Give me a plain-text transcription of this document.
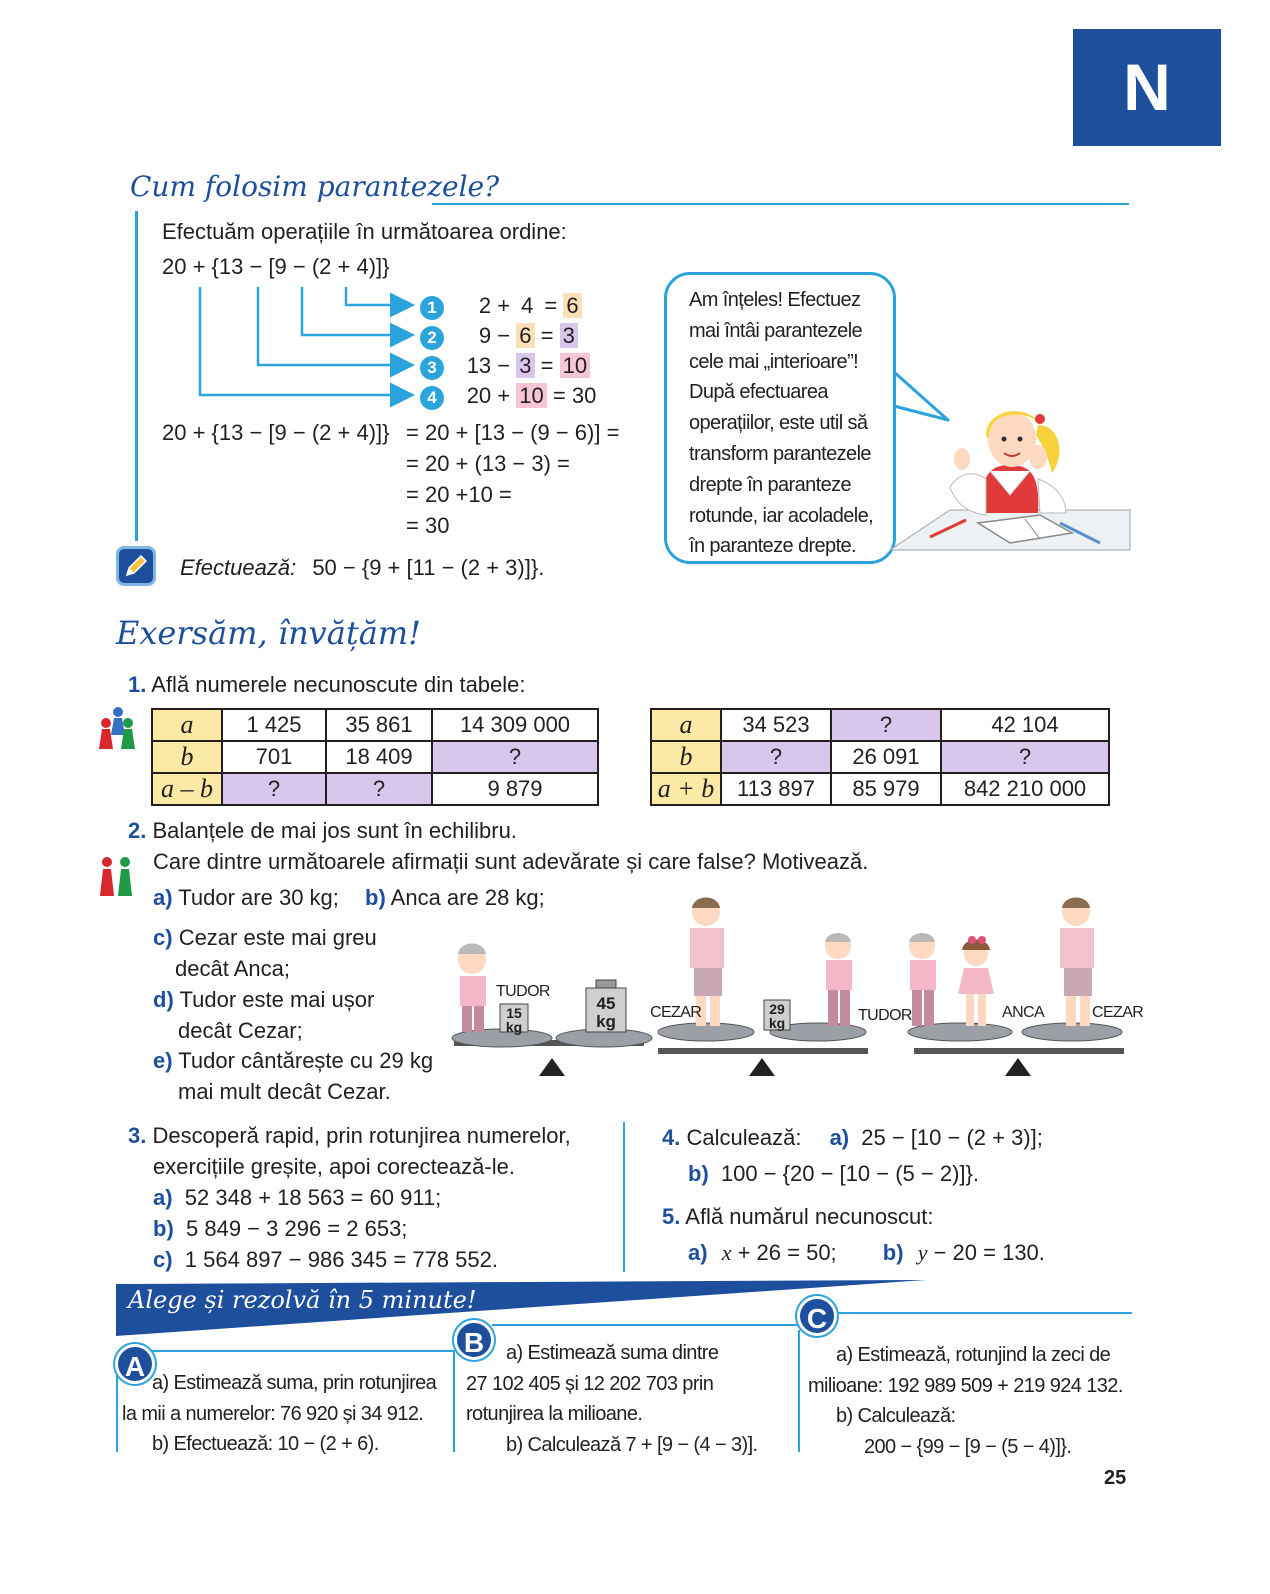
N
Cum folosim parantezele?
Efectuăm operațiile în următoarea ordine:
20 + {13 − [9 − (2 + 4)]}
1 2 + 4 = 6
2 9 − 6 = 3
3 13 − 3 = 10
4 20 + 10 = 30
20 + {13 − [9 − (2 + 4)]} = 20 + [13 − (9 − 6)] =
= 20 + (13 − 3) =
= 20 +10 =
= 30
Efectuează: 50 − {9 + [11 − (2 + 3)]}.
Am înțeles! Efectuez mai întâi parantezele cele mai „interioare”! După efectuarea operațiilor, este util să transform parantezele drepte în paranteze rotunde, iar acoladele, în paranteze drepte.
Exersăm, învățăm!
1. Află numerele necunoscute din tabele:
a	1 425	35 861	14 309 000
b	701	18 409	?
a – b	?	?	9 879
a	34 523	?	42 104
b	?	26 091	?
a + b	113 897	85 979	842 210 000
2. Balanțele de mai jos sunt în echilibru.
Care dintre următoarele afirmații sunt adevărate și care false? Motivează.
a) Tudor are 30 kg; b) Anca are 28 kg;
c) Cezar este mai greu
decât Anca;
d) Tudor este mai ușor
decât Cezar;
e) Tudor cântărește cu 29 kg
mai mult decât Cezar.
TUDOR
15
kg
45
kg	CEZAR	29
kg	TUDOR	ANCA	CEZAR
3. Descoperă rapid, prin rotunjirea numerelor,
exercițiile greșite, apoi corectează-le.
a) 52 348 + 18 563 = 60 911;
b) 5 849 − 3 296 = 2 653;
c) 1 564 897 − 986 345 = 778 552.
4. Calculează: a) 25 − [10 − (2 + 3)];
b) 100 − {20 − [10 − (5 − 2)]}.
5. Află numărul necunoscut:
a) x + 26 = 50; b) y − 20 = 130.
Alege și rezolvă în 5 minute!
A
B
C
a) Estimează suma, prin rotunjirea
la mii a numerelor: 76 920 și 34 912.
b) Efectuează: 10 − (2 + 6).
a) Estimează suma dintre
27 102 405 și 12 202 703 prin
rotunjirea la milioane.
b) Calculează 7 + [9 − (4 − 3)].
a) Estimează, rotunjind la zeci de
milioane: 192 989 509 + 219 924 132.
b) Calculează:
200 − {99 − [9 − (5 − 4)]}.
25
